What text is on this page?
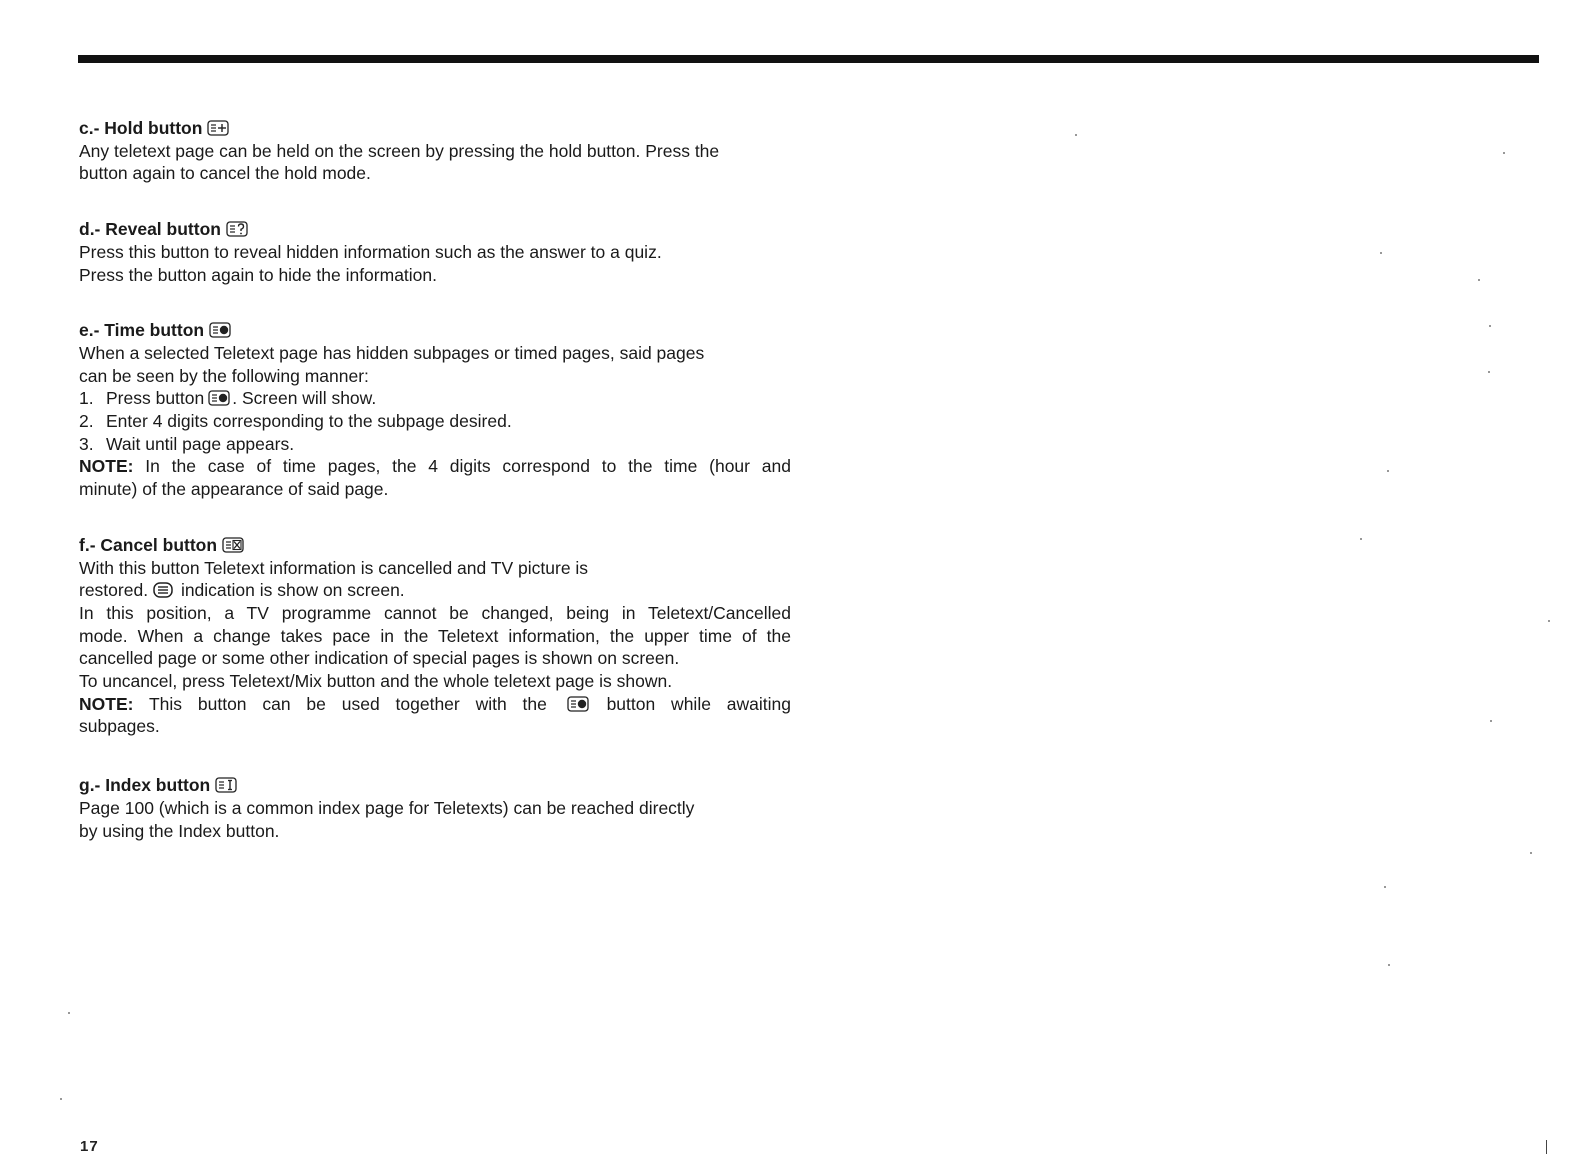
c.- Hold button
Any teletext page can be held on the screen by pressing the hold button. Press the
button again to cancel the hold mode.
d.- Reveal button
Press this button to reveal hidden information such as the answer to a quiz.
Press the button again to hide the information.
e.- Time button
When a selected Teletext page has hidden subpages or timed pages, said pages
can be seen by the following manner:
1. Press button . Screen will show.
2. Enter 4 digits corresponding to the subpage desired.
3. Wait until page appears.
NOTE: In the case of time pages, the 4 digits correspond to the time (hour and
minute) of the appearance of said page.
f.- Cancel button
With this button Teletext information is cancelled and TV picture is
restored. indication is show on screen.
In this position, a TV programme cannot be changed, being in Teletext/Cancelled
mode. When a change takes pace in the Teletext information, the upper time of the
cancelled page or some other indication of special pages is shown on screen.
To uncancel, press Teletext/Mix button and the whole teletext page is shown.
NOTE: This button can be used together with the	button while awaiting
subpages.
g.- Index button
Page 100 (which is a common index page for Teletexts) can be reached directly
by using the Index button.
17
